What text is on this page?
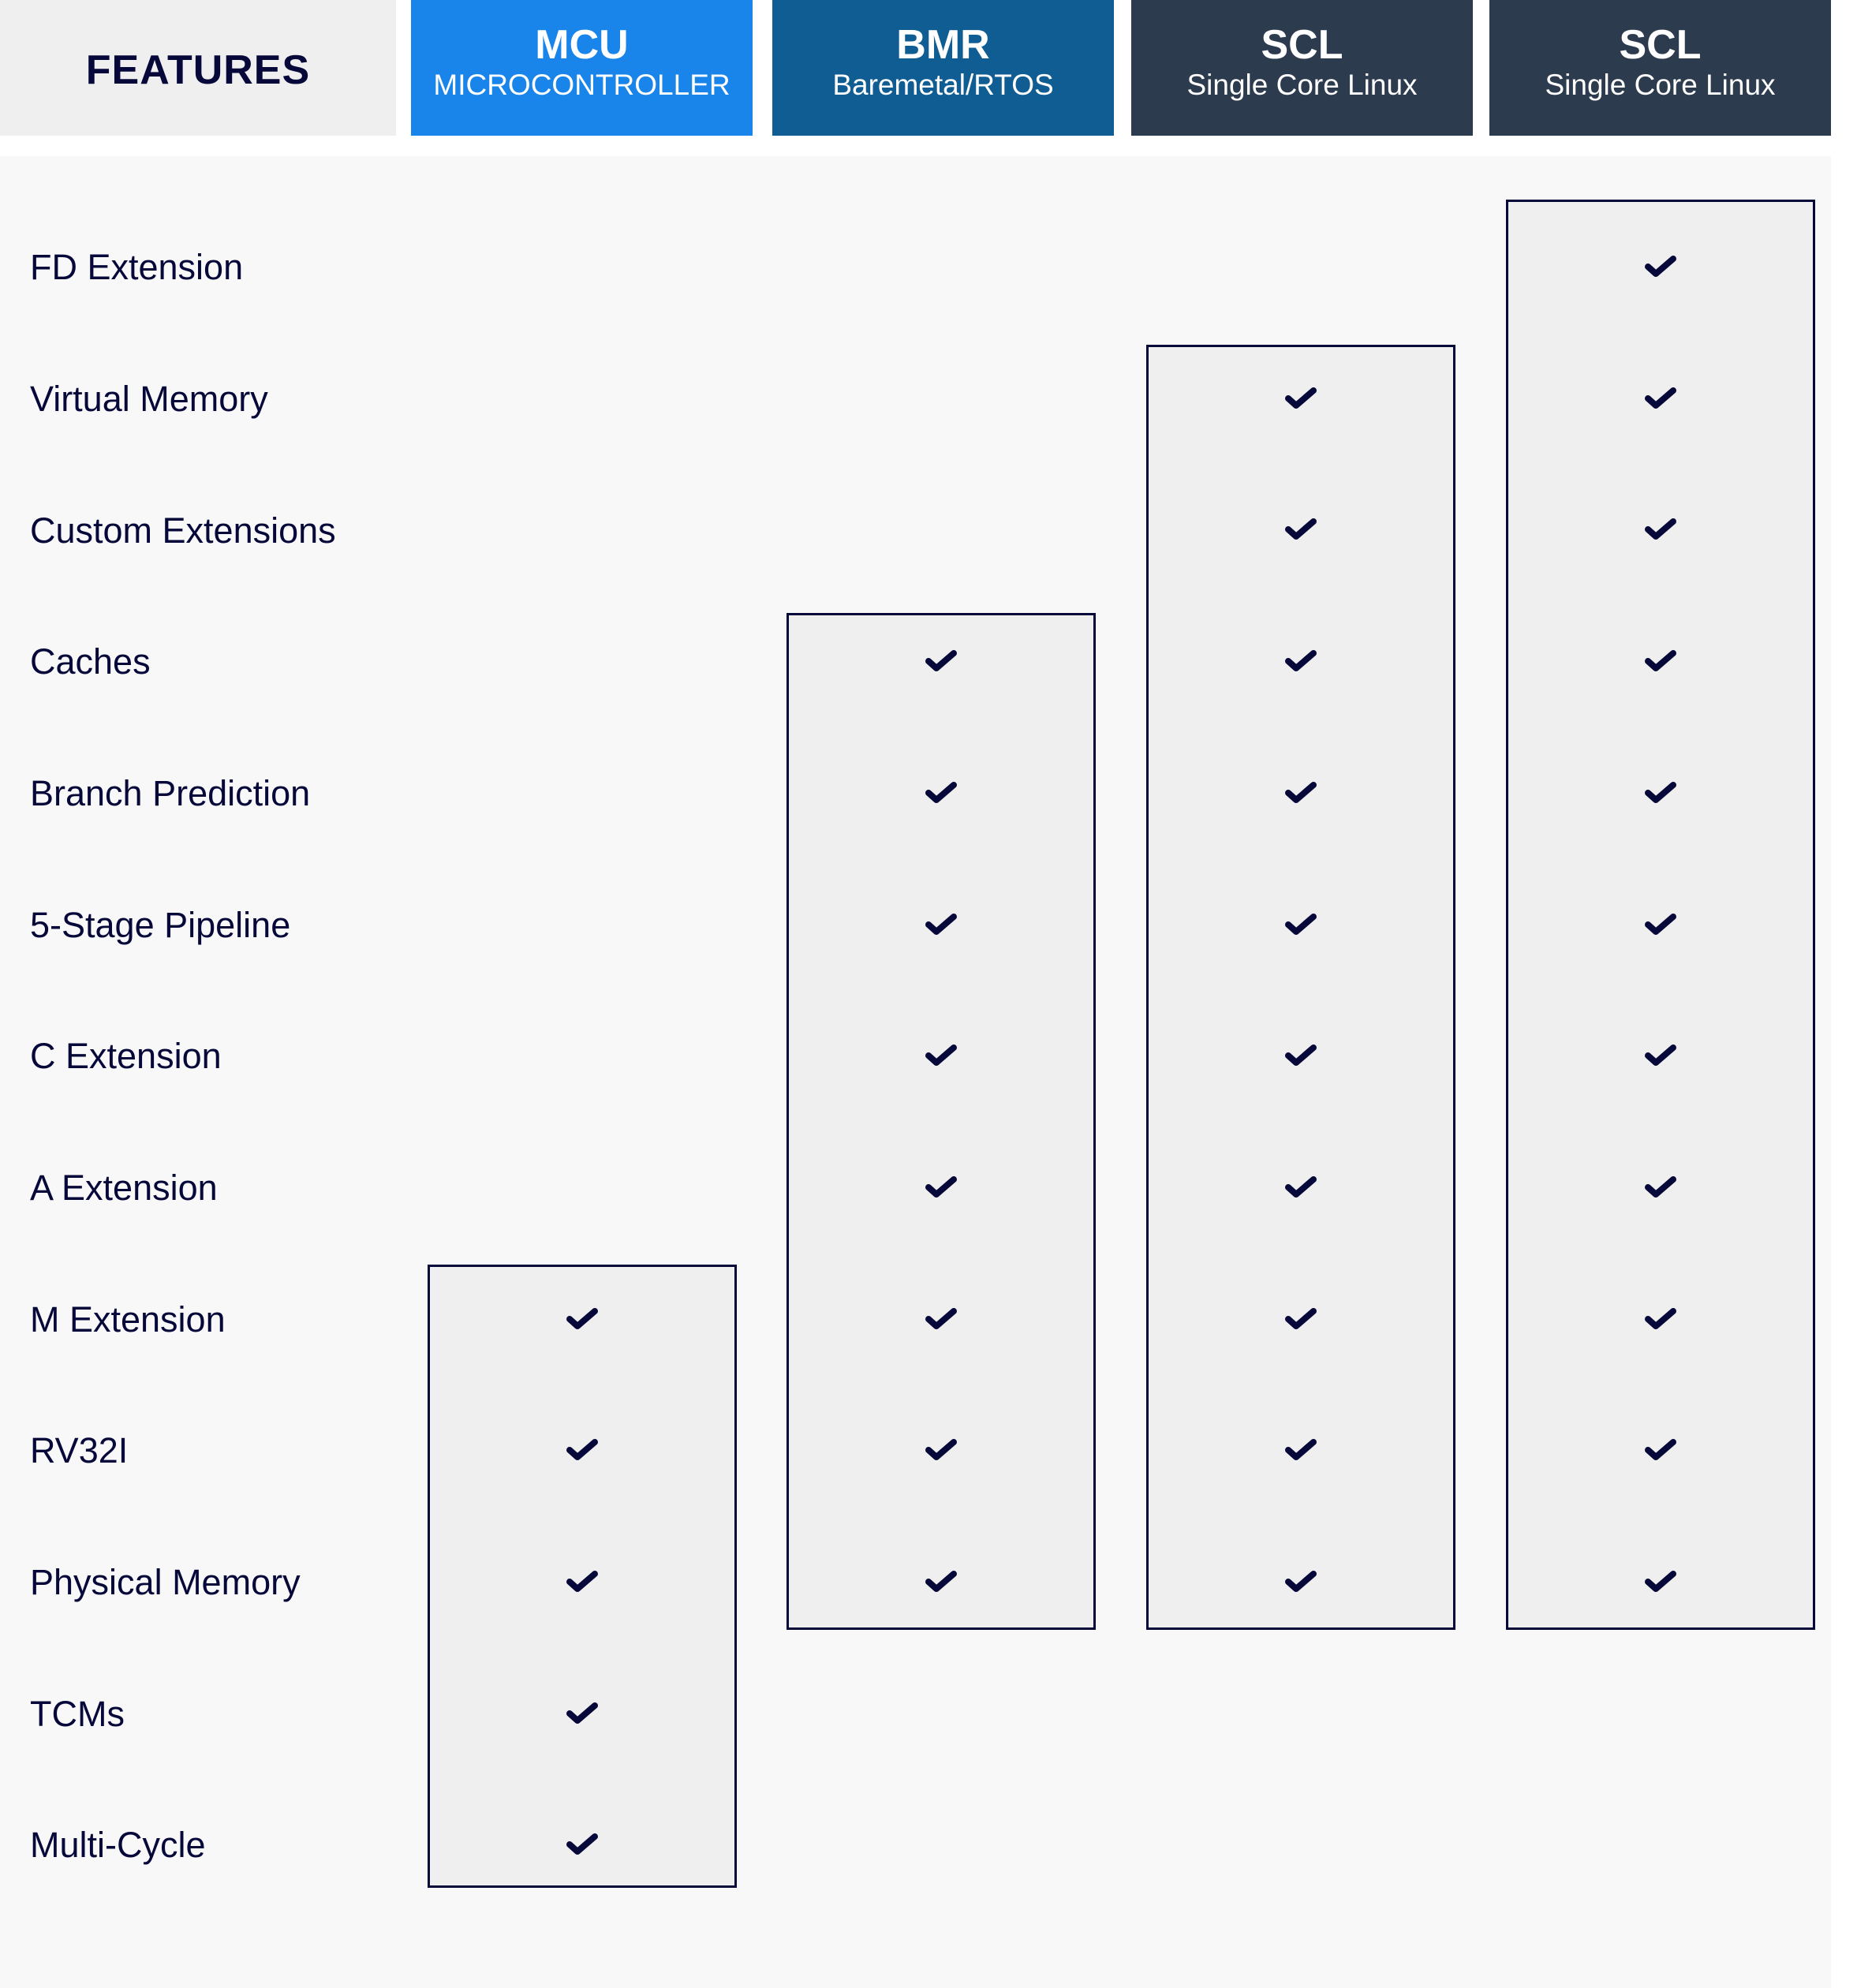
FEATURES
MCU
MICROCONTROLLER
BMR
Baremetal/RTOS
SCL
Single Core Linux
SCL
Single Core Linux
FD Extension
Virtual Memory
Custom Extensions
Caches
Branch Prediction
5-Stage Pipeline
C Extension
A Extension
M Extension
RV32I
Physical Memory
TCMs
Multi-Cycle
